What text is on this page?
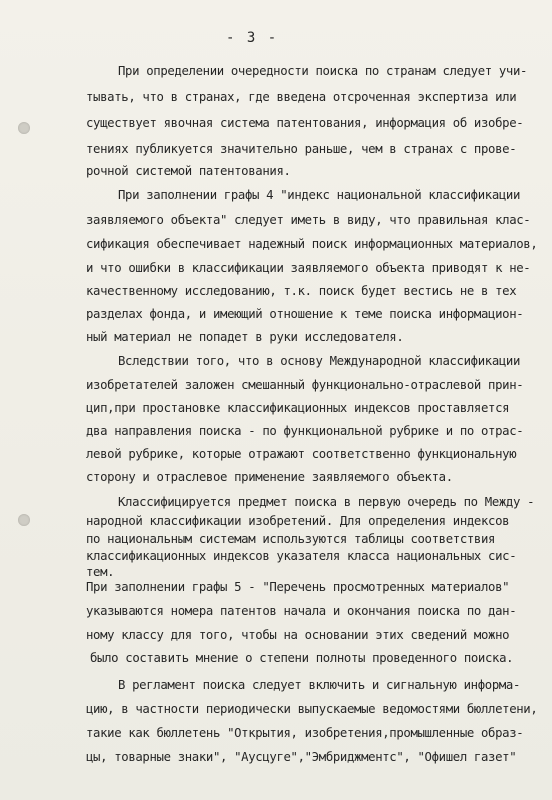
- 3 -
При определении очередности поиска по странам следует учи-
тывать, что в странах, где введена отсроченная экспертиза или
существует явочная система патентования, информация об изобре-
тениях публикуется значительно раньше, чем в странах с прове-
рочной системой патентования.
При заполнении графы 4 "индекс национальной классификации
заявляемого объекта" следует иметь в виду, что правильная клас-
сификация обеспечивает надежный поиск информационных материалов,
и что ошибки в классификации заявляемого объекта приводят к не-
качественному исследованию, т.к. поиск будет вестись не в тех
разделах фонда, и имеющий отношение к теме поиска информацион-
ный материал не попадет в руки исследователя.
Вследствии того, что в основу Международной классификации
изобретателей заложен смешанный функционально-отраслевой прин-
цип,при простановке классификационных индексов проставляется
два направления поиска - по функциональной рубрике и по отрас-
левой рубрике, которые отражают соответственно функциональную
сторону и отраслевое применение заявляемого объекта.
Классифицируется предмет поиска в первую очередь по Между -
народной классификации изобретений. Для определения индексов
по национальным системам используются таблицы соответствия
классификационных индексов указателя класса национальных сис-
тем.
При заполнении графы 5 - "Перечень просмотренных материалов"
указываются номера патентов начала и окончания поиска по дан-
ному классу для того, чтобы на основании этих сведений можно
было составить мнение о степени полноты проведенного поиска.
В регламент поиска следует включить и сигнальную информа-
цию, в частности периодически выпускаемые ведомостями бюллетени,
такие как бюллетень "Открытия, изобретения,промышленные образ-
цы, товарные знаки", "Аусцуге","Эмбриджментс", "Офишел газет"
